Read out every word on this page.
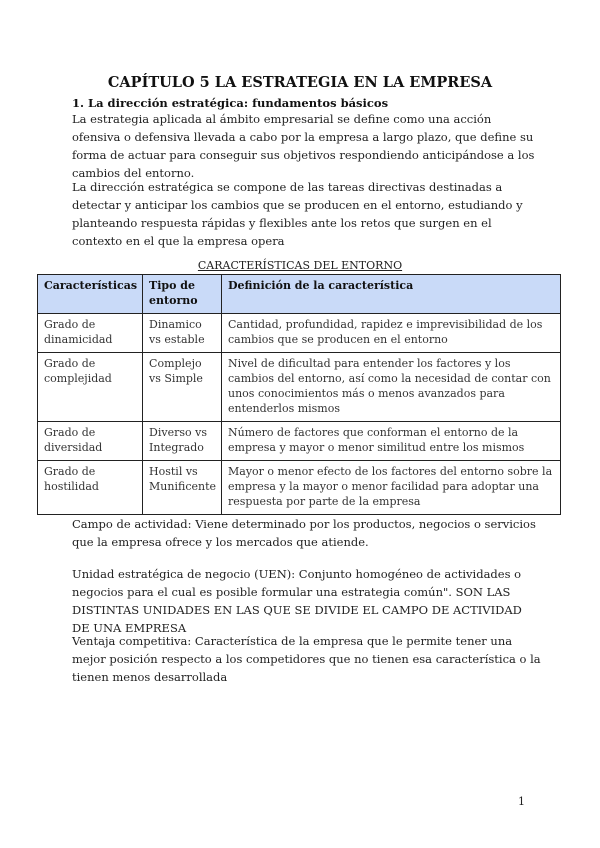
CAPÍTULO 5 LA ESTRATEGIA EN LA EMPRESA
1. La dirección estratégica: fundamentos básicos

La estrategia aplicada al ámbito empresarial se define como una acción ofensiva o defensiva llevada a cabo por la empresa a largo plazo, que define su forma de actuar para conseguir sus objetivos respondiendo anticipándose a los cambios del entorno.

La dirección estratégica se compone de las tareas directivas destinadas a detectar y anticipar los cambios que se producen en el entorno, estudiando y planteando respuesta rápidas y flexibles ante los retos que surgen en el contexto en el que la empresa opera

CARACTERÍSTICAS DEL ENTORNO
Características	Tipo de entorno	Definición de la característica
Grado de dinamicidad	Dinamico vs estable	Cantidad, profundidad, rapidez e imprevisibilidad de los cambios que se producen en el entorno
Grado de complejidad	Complejo vs Simple	Nivel de dificultad para entender los factores y los cambios del entorno, así como la necesidad de contar con unos conocimientos más o menos avanzados para entenderlos mismos
Grado de diversidad	Diverso vs Integrado	Número de factores que conforman el entorno de la empresa y mayor o menor similitud entre los mismos
Grado de hostilidad	Hostil vs Munificente	Mayor o menor efecto de los factores del entorno sobre la empresa y la mayor o menor facilidad para adoptar una respuesta por parte de la empresa

Campo de actividad: Viene determinado por los productos, negocios o servicios que la empresa ofrece y los mercados que atiende.

Unidad estratégica de negocio (UEN): Conjunto homogéneo de actividades o negocios para el cual es posible formular una estrategia común". SON LAS DISTINTAS UNIDADES EN LAS QUE SE DIVIDE EL CAMPO DE ACTIVIDAD DE UNA EMPRESA

Ventaja competitiva: Característica de la empresa que le permite tener una mejor posición respecto a los competidores que no tienen esa característica o la tienen menos desarrollada

1
